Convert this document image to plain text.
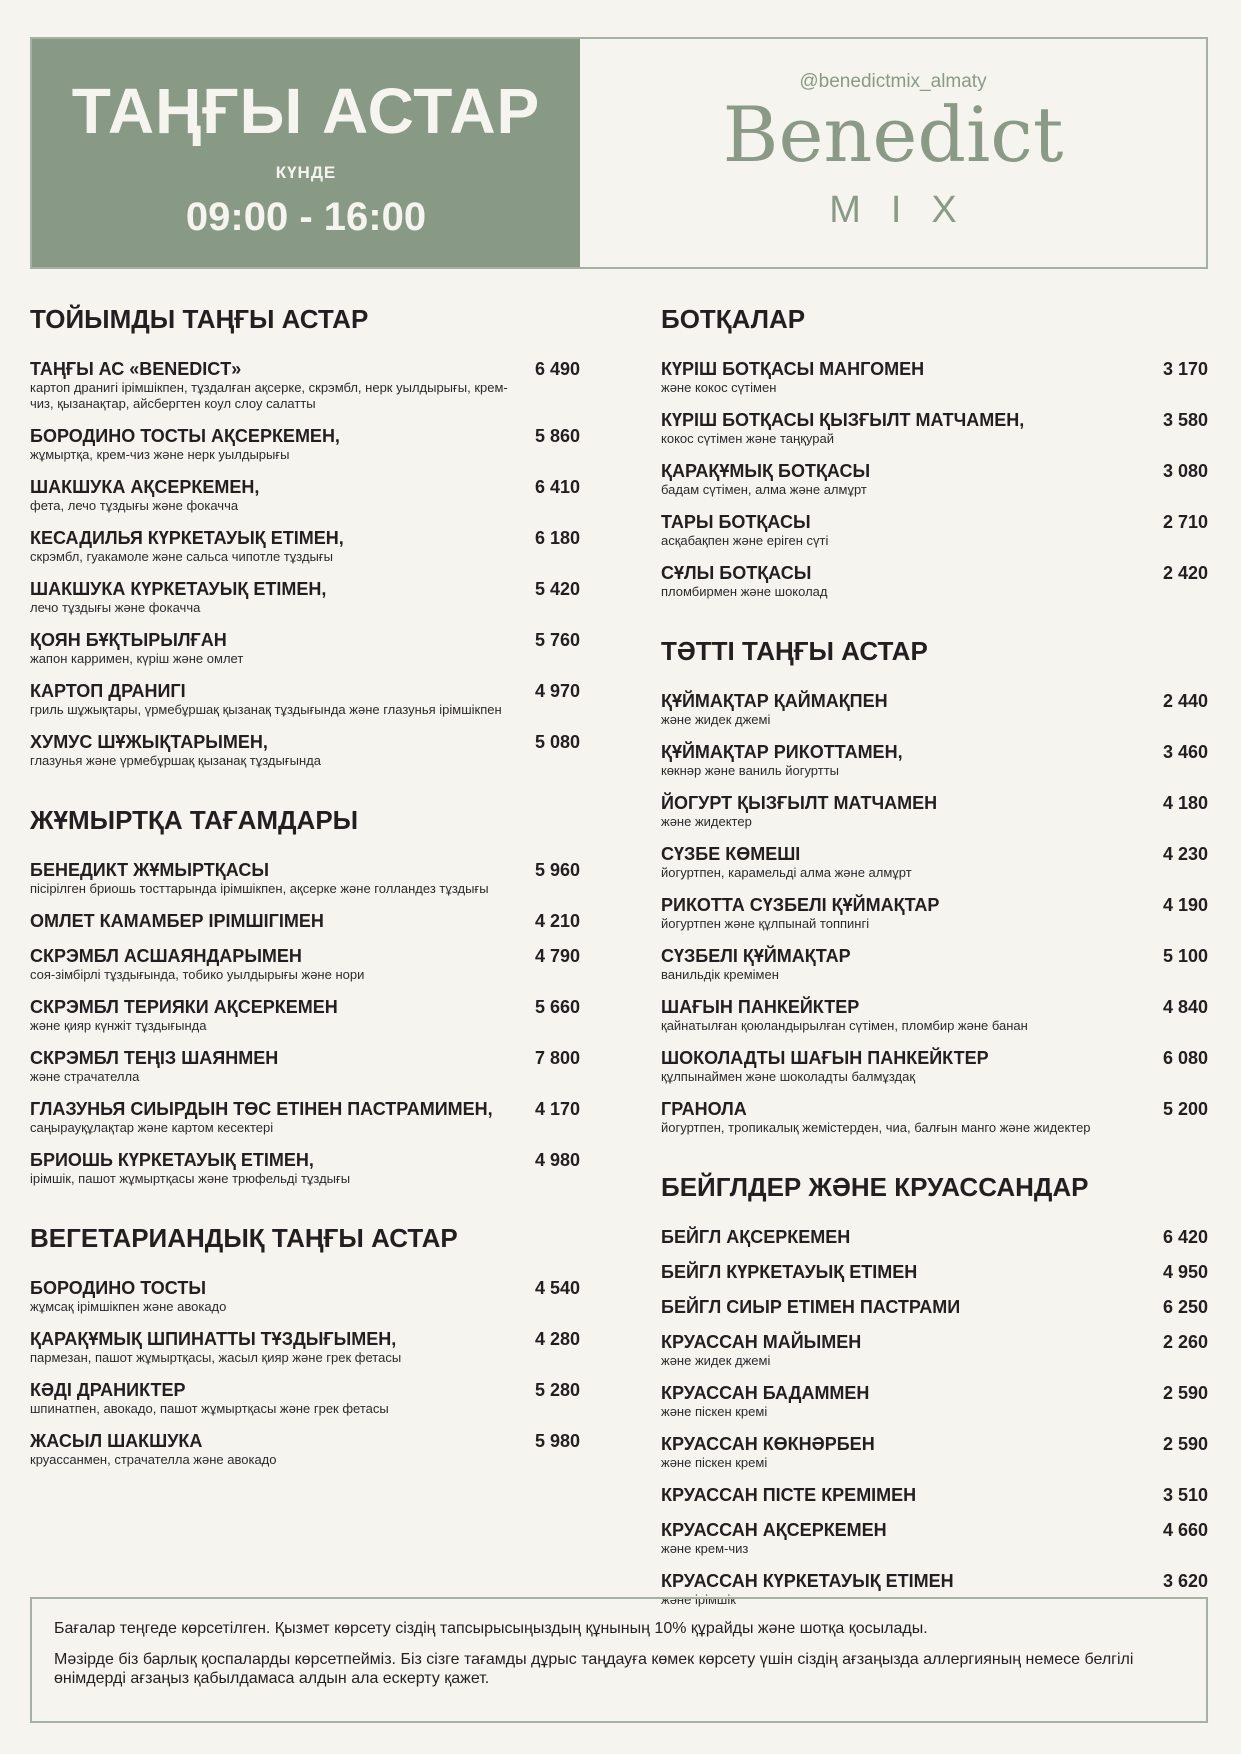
ТАҢҒЫ АСТАР
КҮНДЕ
09:00 - 16:00
@benedictmix_almaty
Benedict
MIX
ТОЙЫМДЫ ТАҢҒЫ АСТАР
ТАҢҒЫ АС «BENEDICT»
картоп дранигі ірімшікпен, тұздалған ақсерке, скрэмбл, нерк уылдырығы, крем-чиз, қызанақтар, айсбергтен коул слоу салатты
6 490
БОРОДИНО ТОСТЫ АҚСЕРКЕМЕН,
жұмыртқа, крем-чиз және нерк уылдырығы
5 860
ШАКШУКА АҚСЕРКЕМЕН,
фета, лечо тұздығы және фокачча
6 410
КЕСАДИЛЬЯ КҮРКЕТАУЫҚ ЕТІМЕН,
скрэмбл, гуакамоле және сальса чипотле тұздығы
6 180
ШАКШУКА КҮРКЕТАУЫҚ ЕТІМЕН,
лечо тұздығы және фокачча
5 420
ҚОЯН БҰҚТЫРЫЛҒАН
жапон карримен, күріш және омлет
5 760
КАРТОП ДРАНИГІ
гриль шұжықтары, үрмебұршақ қызанақ тұздығында және глазунья ірімшікпен
4 970
ХУМУС ШҰЖЫҚТАРЫМЕН,
глазунья және үрмебұршақ қызанақ тұздығында
5 080
ЖҰМЫРТҚА ТАҒАМДАРЫ
БЕНЕДИКТ ЖҰМЫРТҚАСЫ
пісірілген бриошь тосттарында ірімшікпен, ақсерке және голландез тұздығы
5 960
ОМЛЕТ КАМАМБЕР ІРІМШІГІМЕН	4 210
СКРЭМБЛ АСШАЯНДАРЫМЕН
соя-зімбірлі тұздығында, тобико уылдырығы және нори
4 790
СКРЭМБЛ ТЕРИЯКИ АҚСЕРКЕМЕН
және қияр күнжіт тұздығында
5 660
СКРЭМБЛ ТЕҢІЗ ШАЯНМЕН
және страчателла
7 800
ГЛАЗУНЬЯ СИЫРДЫН ТӨС ЕТІНЕН ПАСТРАМИМЕН,
саңырауқұлақтар және картом кесектері
4 170
БРИОШЬ КҮРКЕТАУЫҚ ЕТІМЕН,
ірімшік, пашот жұмыртқасы және трюфельді тұздығы
4 980
ВЕГЕТАРИАНДЫҚ ТАҢҒЫ АСТАР
БОРОДИНО ТОСТЫ
жұмсақ ірімшікпен және авокадо
4 540
ҚАРАҚҰМЫҚ ШПИНАТТЫ ТҰЗДЫҒЫМЕН,
пармезан, пашот жұмыртқасы, жасыл қияр және грек фетасы
4 280
КӘДІ ДРАНИКТЕР
шпинатпен, авокадо, пашот жұмыртқасы және грек фетасы
5 280
ЖАСЫЛ ШАКШУКА
круассанмен, страчателла және авокадо
5 980
БОТҚАЛАР
КҮРІШ БОТҚАСЫ МАНГОМЕН
және кокос сүтімен
3 170
КҮРІШ БОТҚАСЫ ҚЫЗҒЫЛТ МАТЧАМЕН,
кокос сүтімен және таңқурай
3 580
ҚАРАҚҰМЫҚ БОТҚАСЫ
бадам сүтімен, алма және алмұрт
3 080
ТАРЫ БОТҚАСЫ
асқабақпен және еріген сүті
2 710
СҰЛЫ БОТҚАСЫ
пломбирмен және шоколад
2 420
ТӘТТІ ТАҢҒЫ АСТАР
ҚҰЙМАҚТАР ҚАЙМАҚПЕН
және жидек джемі
2 440
ҚҰЙМАҚТАР РИКОТТАМЕН,
көкнәр және ваниль йогуртты
3 460
ЙОГУРТ ҚЫЗҒЫЛТ МАТЧАМЕН
және жидектер
4 180
СҮЗБЕ КӨМЕШІ
йогуртпен, карамельді алма және алмұрт
4 230
РИКОТТА СҮЗБЕЛІ ҚҰЙМАҚТАР
йогуртпен және құлпынай топпингі
4 190
СҮЗБЕЛІ ҚҰЙМАҚТАР
ванильдік кремімен
5 100
ШАҒЫН ПАНКЕЙКТЕР
қайнатылған қоюландырылған сүтімен, пломбир және банан
4 840
ШОКОЛАДТЫ ШАҒЫН ПАНКЕЙКТЕР
құлпынаймен және шоколадты балмұздақ
6 080
ГРАНОЛА
йогуртпен, тропикалық жемістерден, чиа, балғын манго және жидектер
5 200
БЕЙГЛДЕР ЖӘНЕ КРУАССАНДАР
БЕЙГЛ АҚСЕРКЕМЕН	6 420
БЕЙГЛ КҮРКЕТАУЫҚ ЕТІМЕН	4 950
БЕЙГЛ СИЫР ЕТІМЕН ПАСТРАМИ	6 250
КРУАССАН МАЙЫМЕН
және жидек джемі
2 260
КРУАССАН БАДАММЕН
және піскен кремі
2 590
КРУАССАН КӨКНӘРБЕН
және піскен кремі
2 590
КРУАССАН ПІСТЕ КРЕМІМЕН	3 510
КРУАССАН АҚСЕРКЕМЕН
және крем-чиз
4 660
КРУАССАН КҮРКЕТАУЫҚ ЕТІМЕН
және ірімшік
3 620

Бағалар теңгеде көрсетілген. Қызмет көрсету сіздің тапсырысыңыздың құнының 10% құрайды және шотқа қосылады.

Мәзірде біз барлық қоспаларды көрсетпейміз. Біз сізге тағамды дұрыс таңдауға көмек көрсету үшін сіздің ағзаңызда аллергияның немесе белгілі өнімдерді ағзаңыз қабылдамаса алдын ала ескерту қажет.
